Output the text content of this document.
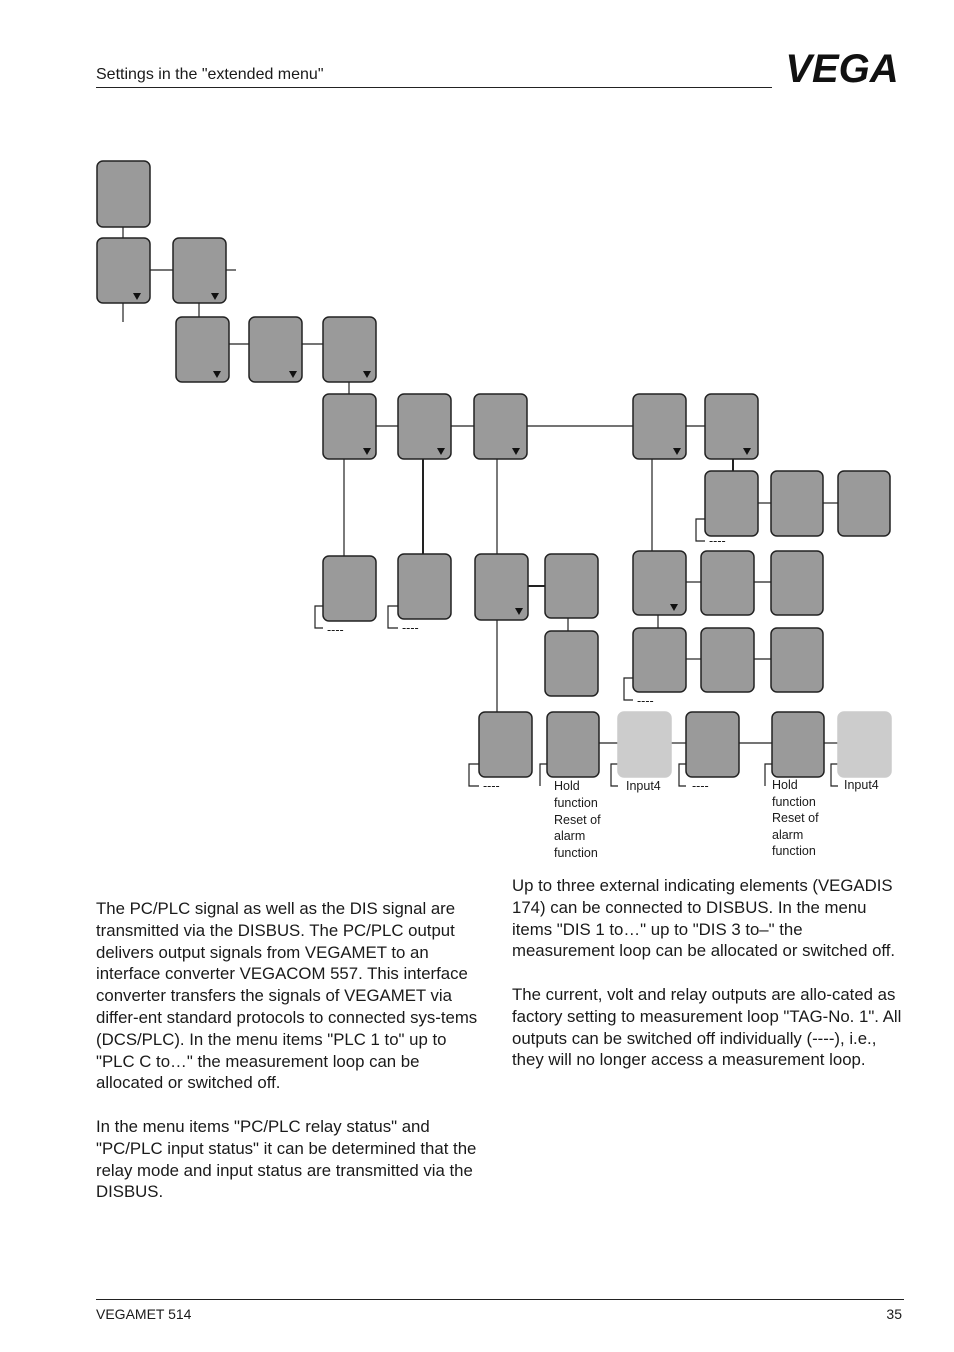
Settings in the "extended menu"	VEGA
----	----
----
----
----	----
Hold
function
Reset of
alarm
function
Input4	Hold
function
Reset of
alarm
function
Input4

The PC/PLC signal as well as the DIS signal are transmitted via the DISBUS. The PC/PLC output delivers output signals from VEGAMET to an interface converter VEGACOM 557. This interface converter transfers the signals of VEGAMET via differ-ent standard protocols to connected sys-tems (DCS/PLC). In the menu items "PLC 1 to" up to "PLC C to…" the measurement loop can be allocated or switched off.

In the menu items "PC/PLC relay status" and "PC/PLC input status" it can be determined that the relay mode and input status are transmitted via the DISBUS.

Up to three external indicating elements (VEGADIS 174) can be connected to DISBUS. In the menu items "DIS 1 to…" up to "DIS 3 to–" the measurement loop can be allocated or switched off.

The current, volt and relay outputs are allo-cated as factory setting to measurement loop "TAG-No. 1". All outputs can be switched off individually (----), i.e., they will no longer access a measurement loop.

VEGAMET 514	35
